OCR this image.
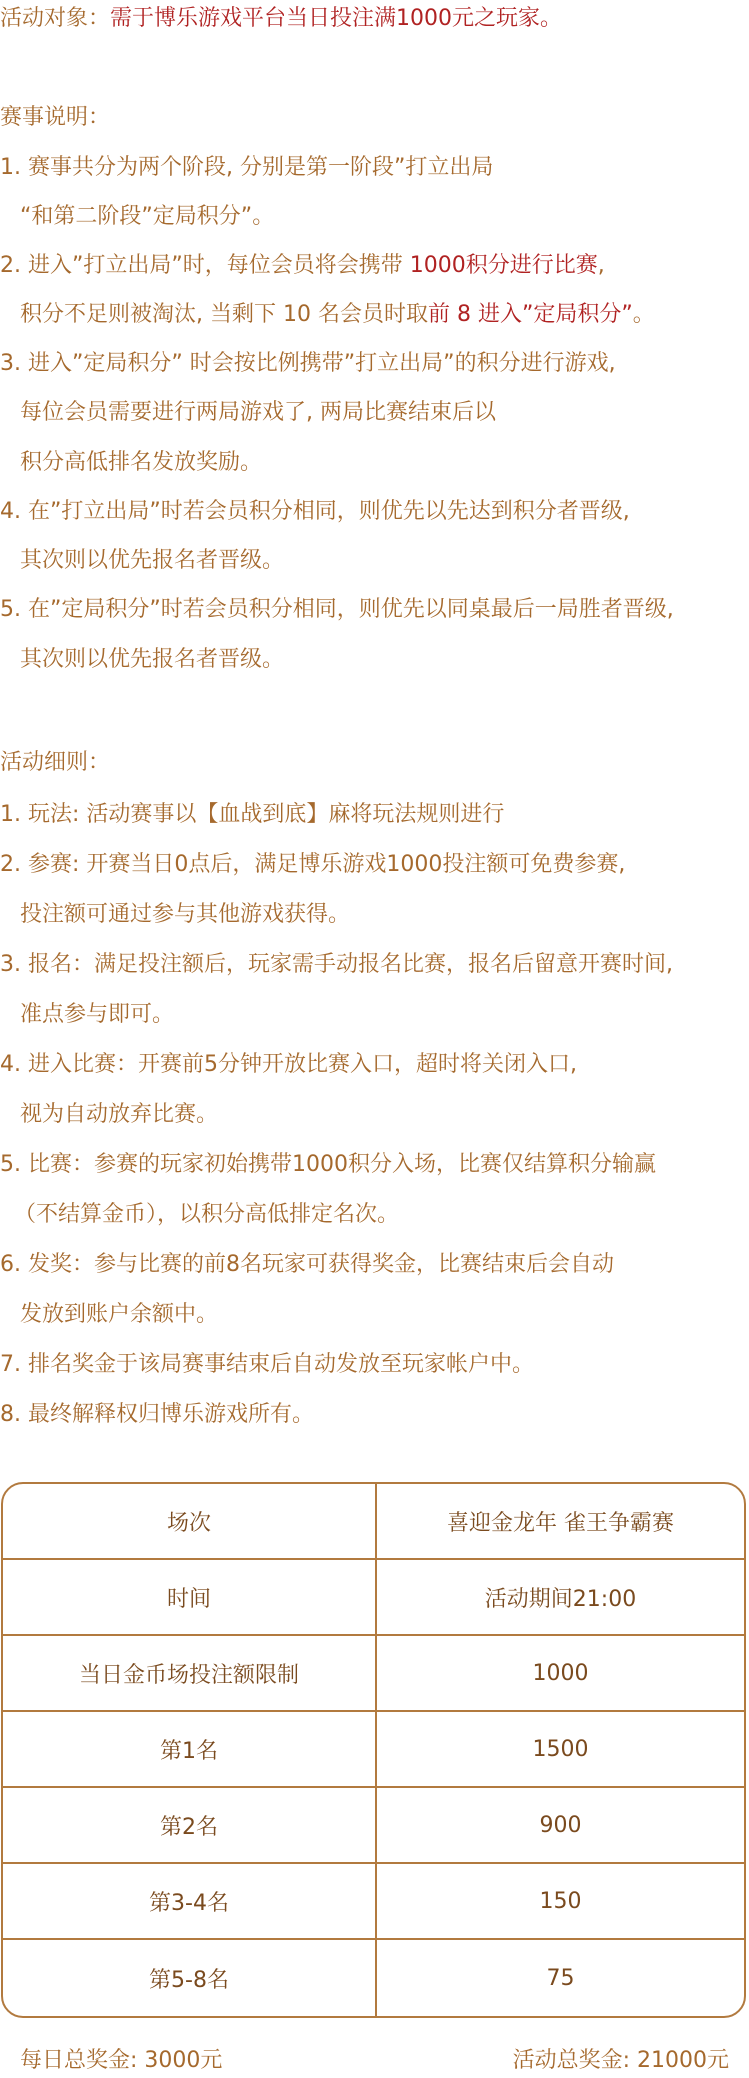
活动对象：需于博乐游戏平台当日投注满1000元之玩家。
赛事说明：
1. 赛事共分为两个阶段, 分别是第一阶段”打立出局
“和第二阶段”定局积分”。
2. 进入”打立出局”时，每位会员将会携带 1000积分进行比赛,
积分不足则被淘汰, 当剩下 10 名会员时取前 8 进入”定局积分”。
3. 进入”定局积分” 时会按比例携带”打立出局”的积分进行游戏,
每位会员需要进行两局游戏了, 两局比赛结束后以
积分高低排名发放奖励。
4. 在”打立出局”时若会员积分相同，则优先以先达到积分者晋级,
其次则以优先报名者晋级。
5. 在”定局积分”时若会员积分相同，则优先以同桌最后一局胜者晋级,
其次则以优先报名者晋级。
活动细则：
1. 玩法: 活动赛事以【血战到底】麻将玩法规则进行
2. 参赛: 开赛当日0点后，满足博乐游戏1000投注额可免费参赛,
投注额可通过参与其他游戏获得。
3. 报名：满足投注额后，玩家需手动报名比赛，报名后留意开赛时间,
准点参与即可。
4. 进入比赛：开赛前5分钟开放比赛入口，超时将关闭入口,
视为自动放弃比赛。
5. 比赛：参赛的玩家初始携带1000积分入场，比赛仅结算积分输赢
（不结算金币），以积分高低排定名次。
6. 发奖：参与比赛的前8名玩家可获得奖金，比赛结束后会自动
发放到账户余额中。
7. 排名奖金于该局赛事结束后自动发放至玩家帐户中。
8. 最终解释权归博乐游戏所有。
场次	喜迎金龙年 雀王争霸赛
时间	活动期间21:00
当日金币场投注额限制	1000
第1名	1500
第2名	900
第3-4名	150
第5-8名	75
每日总奖金: 3000元	活动总奖金: 21000元
